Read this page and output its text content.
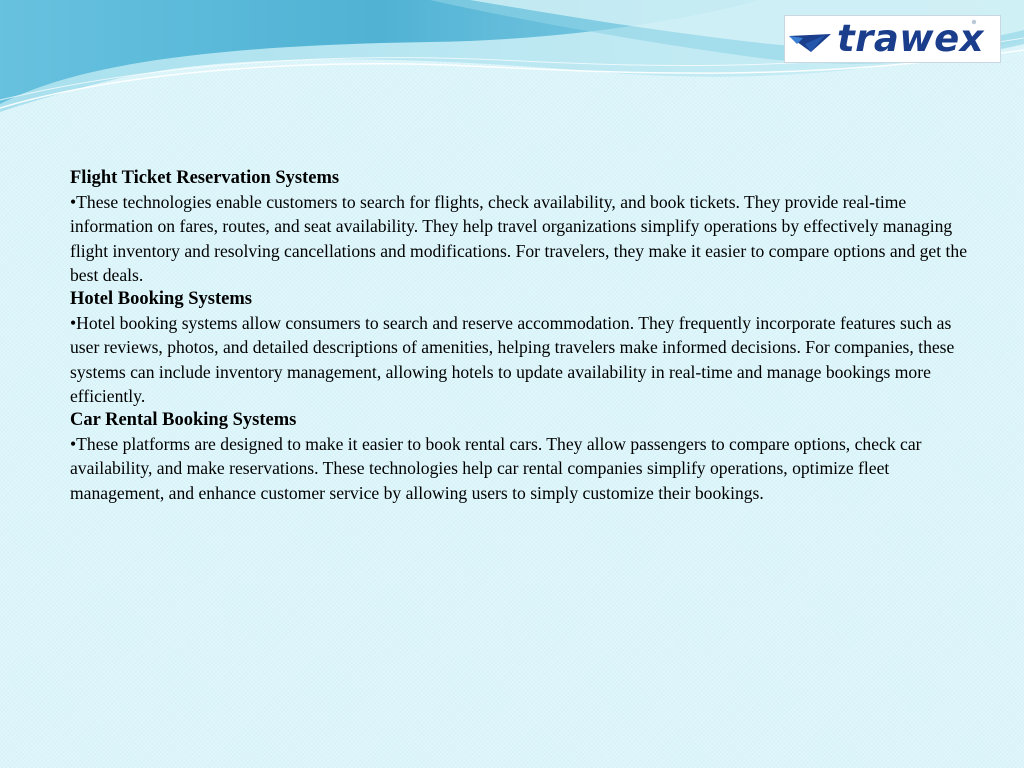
trawex

Flight Ticket Reservation Systems

•These technologies enable customers to search for flights, check availability, and book tickets. They provide real-time information on fares, routes, and seat availability. They help travel organizations simplify operations by effectively managing flight inventory and resolving cancellations and modifications. For travelers, they make it easier to compare options and get the best deals.

Hotel Booking Systems

•Hotel booking systems allow consumers to search and reserve accommodation. They frequently incorporate features such as user reviews, photos, and detailed descriptions of amenities, helping travelers make informed decisions. For companies, these systems can include inventory management, allowing hotels to update availability in real-time and manage bookings more efficiently.

Car Rental Booking Systems

•These platforms are designed to make it easier to book rental cars. They allow passengers to compare options, check car availability, and make reservations. These technologies help car rental companies simplify operations, optimize fleet management, and enhance customer service by allowing users to simply customize their bookings.
